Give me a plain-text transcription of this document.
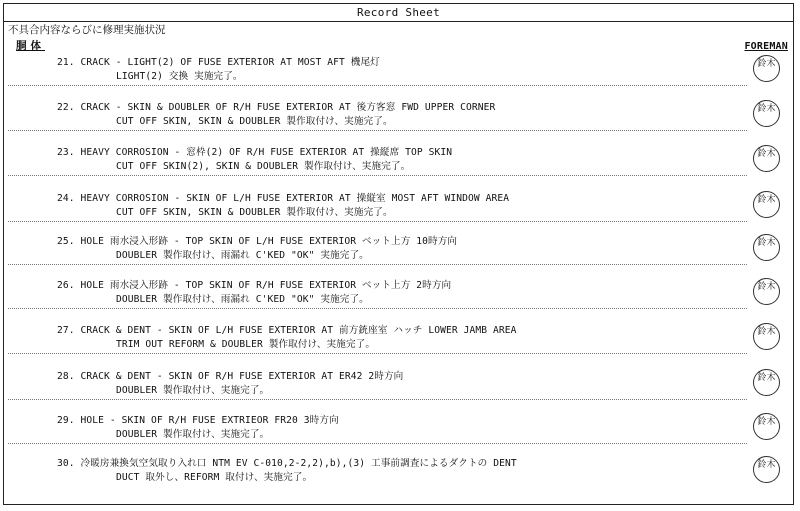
Record Sheet
不具合内容ならびに修理実施状況
胴体	FOREMAN
21. CRACK - LIGHT(2) OF FUSE EXTERIOR AT MOST AFT 機尾灯
LIGHT(2) 交換 実施完了。
鈴木
22. CRACK - SKIN & DOUBLER OF R/H FUSE EXTERIOR AT 後方客窓 FWD UPPER CORNER
CUT OFF SKIN, SKIN & DOUBLER 製作取付け、実施完了。
鈴木
23. HEAVY CORROSION - 窓枠(2) OF R/H FUSE EXTERIOR AT 操縦席 TOP SKIN
CUT OFF SKIN(2), SKIN & DOUBLER 製作取付け、実施完了。
鈴木
24. HEAVY CORROSION - SKIN OF L/H FUSE EXTERIOR AT 操縦室 MOST AFT WINDOW AREA
CUT OFF SKIN, SKIN & DOUBLER 製作取付け、実施完了。
鈴木
25. HOLE 雨水浸入形跡 - TOP SKIN OF L/H FUSE EXTERIOR ベット上方 10時方向
DOUBLER 製作取付け、雨漏れ C'KED "OK" 実施完了。
鈴木
26. HOLE 雨水浸入形跡 - TOP SKIN OF R/H FUSE EXTERIOR ベット上方 2時方向
DOUBLER 製作取付け、雨漏れ C'KED "OK" 実施完了。
鈴木
27. CRACK & DENT - SKIN OF L/H FUSE EXTERIOR AT 前方銃座室 ハッチ LOWER JAMB AREA
TRIM OUT REFORM & DOUBLER 製作取付け、実施完了。
鈴木
28. CRACK & DENT - SKIN OF R/H FUSE EXTERIOR AT ER42 2時方向
DOUBLER 製作取付け、実施完了。
鈴木
29. HOLE - SKIN OF R/H FUSE EXTRIEOR FR20 3時方向
DOUBLER 製作取付け、実施完了。
鈴木
30. 冷暖房兼換気空気取り入れ口 NTM EV C-010,2-2,2),b),(3) 工事前調査によるダクトの DENT
DUCT 取外し、REFORM 取付け、実施完了。
鈴木
